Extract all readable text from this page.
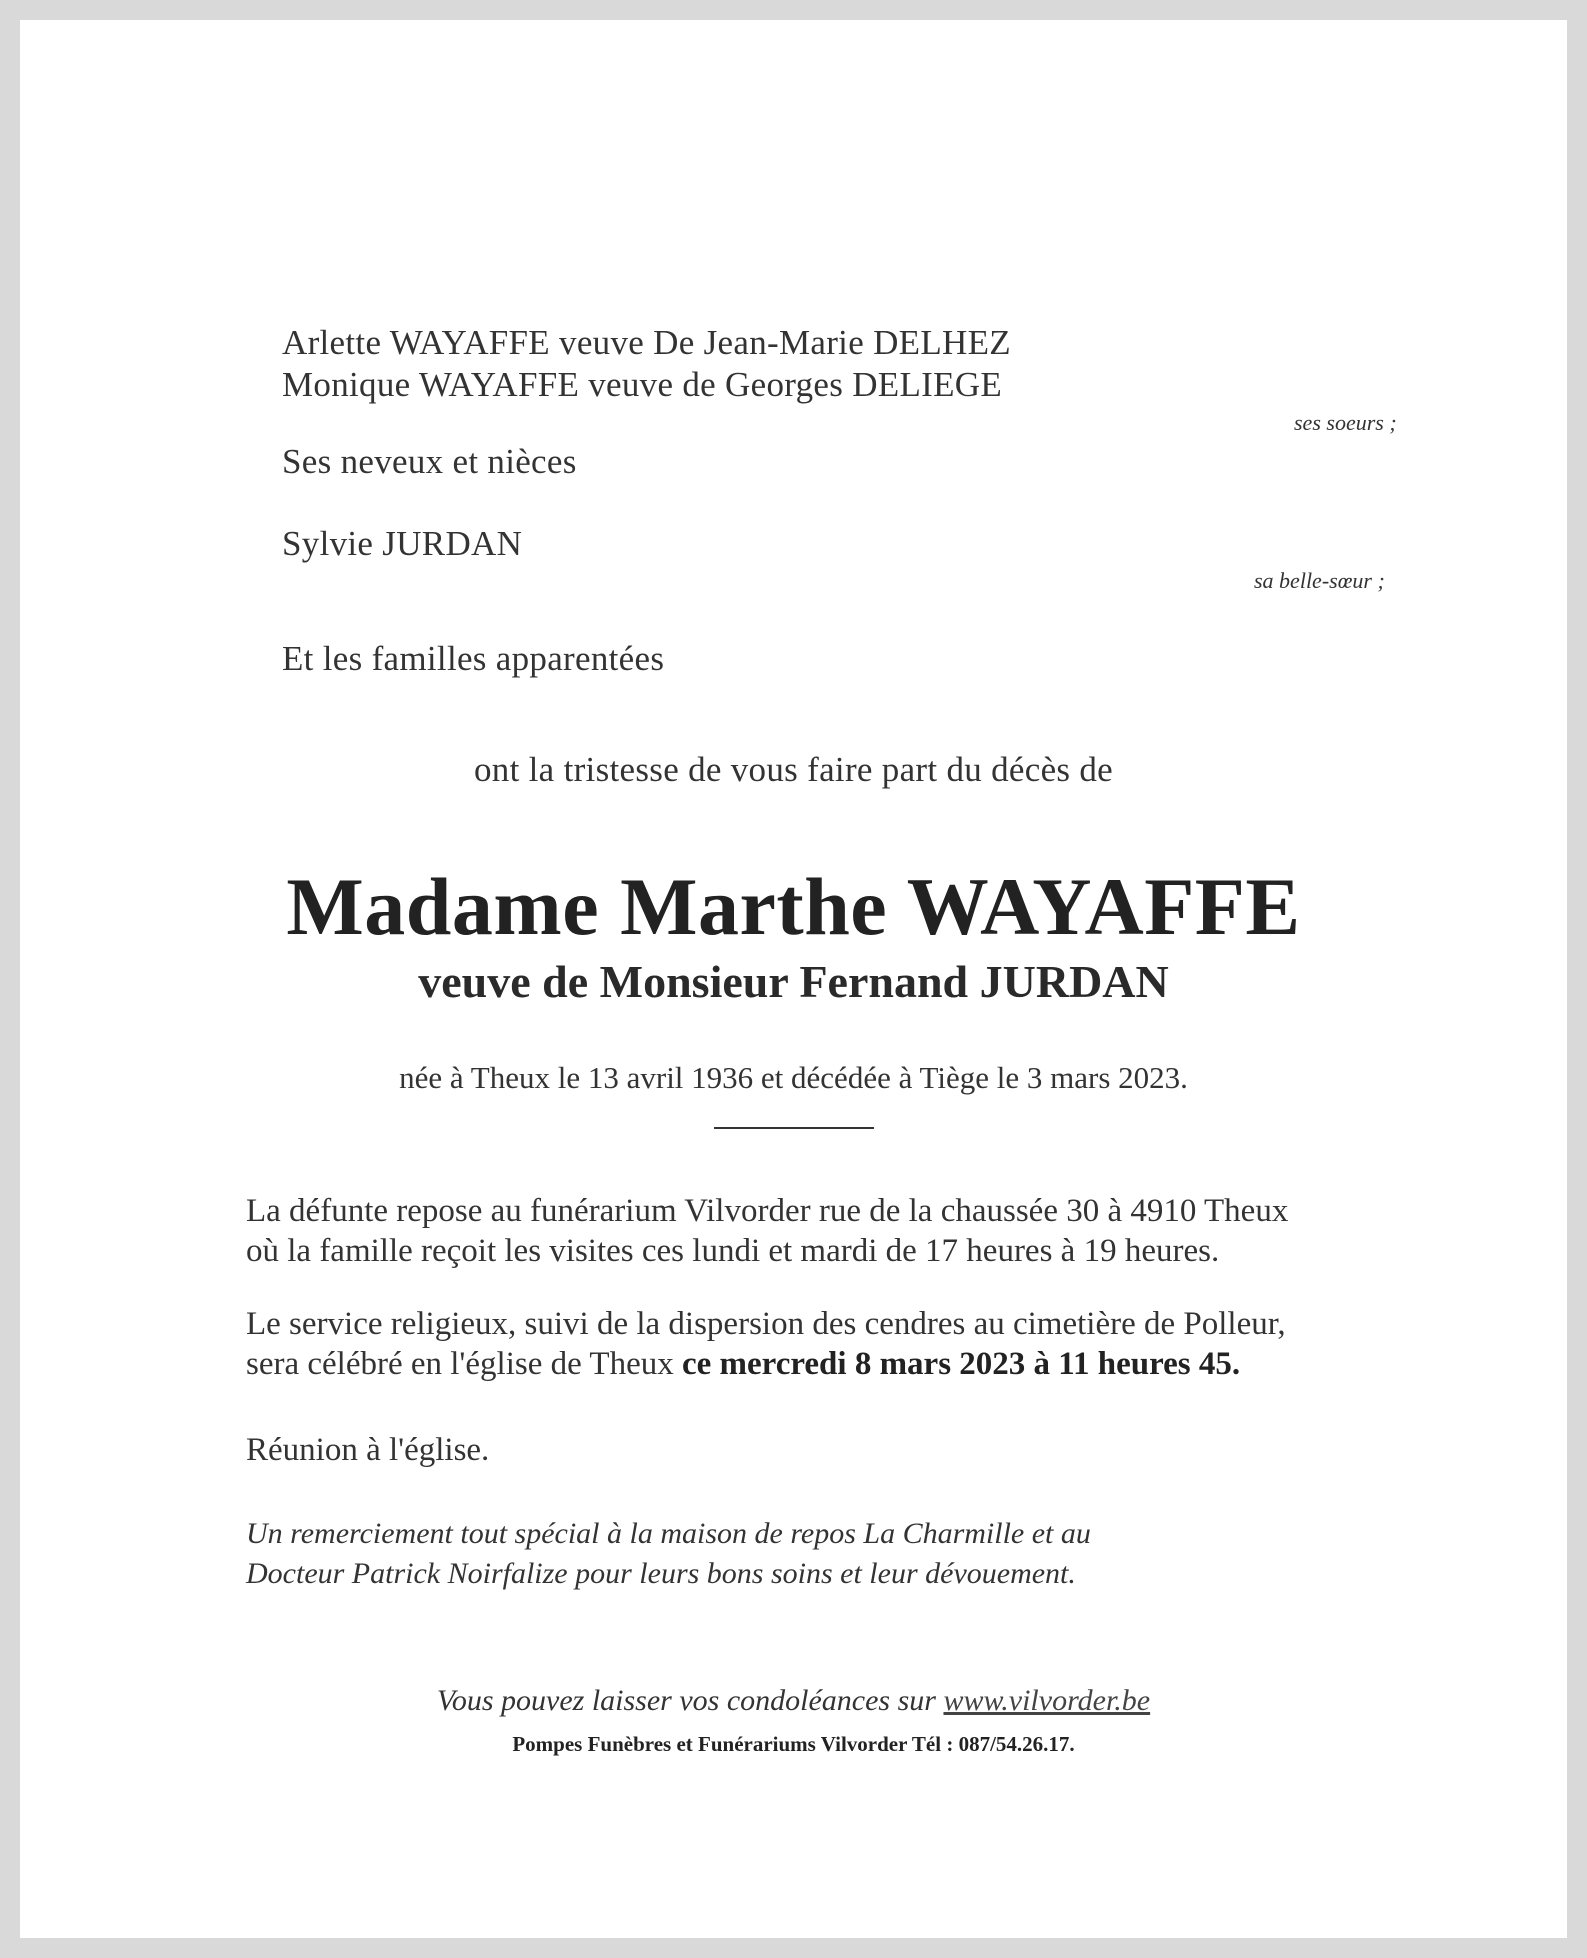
Arlette WAYAFFE veuve De Jean-Marie DELHEZ
Monique WAYAFFE veuve de Georges DELIEGE
ses soeurs ;
Ses neveux et nièces
Sylvie JURDAN
sa belle-sœur ;
Et les familles apparentées
ont la tristesse de vous faire part du décès de
Madame Marthe WAYAFFE
veuve de Monsieur Fernand JURDAN
née à Theux le 13 avril 1936 et décédée à Tiège le 3 mars 2023.
La défunte repose au funérarium Vilvorder rue de la chaussée 30 à 4910 Theux
où la famille reçoit les visites ces lundi et mardi de 17 heures à 19 heures.
Le service religieux, suivi de la dispersion des cendres au cimetière de Polleur,
sera célébré en l'église de Theux ce mercredi 8 mars 2023 à 11 heures 45.
Réunion à l'église.
Un remerciement tout spécial à la maison de repos La Charmille et au
Docteur Patrick Noirfalize pour leurs bons soins et leur dévouement.
Vous pouvez laisser vos condoléances sur www.vilvorder.be
Pompes Funèbres et Funérariums Vilvorder Tél : 087/54.26.17.
